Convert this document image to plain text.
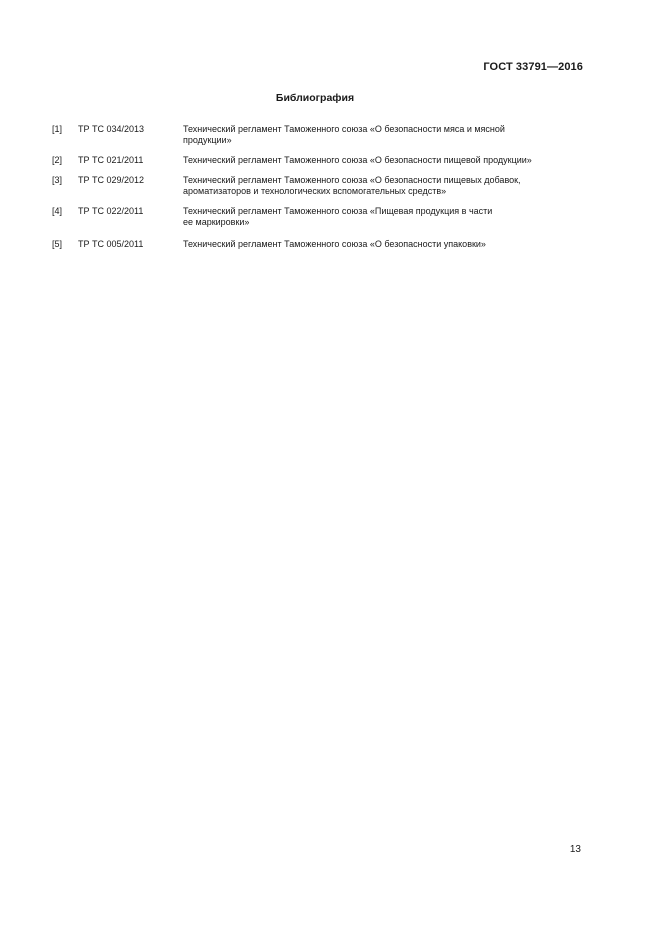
ГОСТ 33791—2016
Библиография
[1] ТР ТС 034/2013	Технический регламент Таможенного союза «О безопасности мяса и мясной
продукции»
[2] ТР ТС 021/2011	Технический регламент Таможенного союза «О безопасности пищевой продукции»
[3] ТР ТС 029/2012	Технический регламент Таможенного союза «О безопасности пищевых добавок,
ароматизаторов и технологических вспомогательных средств»
[4] ТР ТС 022/2011	Технический регламент Таможенного союза «Пищевая продукция в части
ее маркировки»
[5] ТР ТС 005/2011	Технический регламент Таможенного союза «О безопасности упаковки»
13
